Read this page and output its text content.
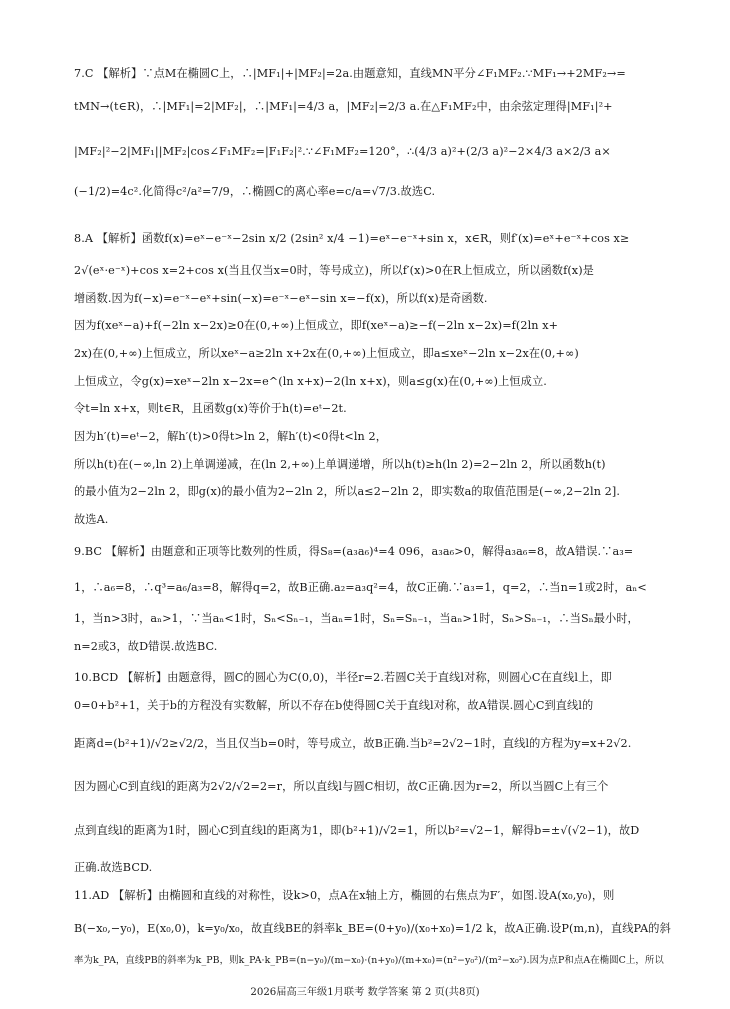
7.C 【解析】∵点M在椭圆C上，∴|MF₁|+|MF₂|=2a.由题意知，直线MN平分∠F₁MF₂.∵MF₁→+2MF₂→=
tMN→(t∈R)，∴|MF₁|=2|MF₂|，∴|MF₁|=4/3 a，|MF₂|=2/3 a.在△F₁MF₂中，由余弦定理得|MF₁|²+
|MF₂|²−2|MF₁||MF₂|cos∠F₁MF₂=|F₁F₂|².∵∠F₁MF₂=120°，∴(4/3 a)²+(2/3 a)²−2×4/3 a×2/3 a×
(−1/2)=4c².化简得c²/a²=7/9，∴椭圆C的离心率e=c/a=√7/3.故选C.
8.A 【解析】函数f(x)=eˣ−e⁻ˣ−2sin x/2 (2sin² x/4 −1)=eˣ−e⁻ˣ+sin x，x∈R，则f′(x)=eˣ+e⁻ˣ+cos x≥
2√(eˣ·e⁻ˣ)+cos x=2+cos x(当且仅当x=0时，等号成立)，所以f′(x)>0在R上恒成立，所以函数f(x)是
增函数.因为f(−x)=e⁻ˣ−eˣ+sin(−x)=e⁻ˣ−eˣ−sin x=−f(x)，所以f(x)是奇函数.
因为f(xeˣ−a)+f(−2ln x−2x)≥0在(0,+∞)上恒成立，即f(xeˣ−a)≥−f(−2ln x−2x)=f(2ln x+
2x)在(0,+∞)上恒成立，所以xeˣ−a≥2ln x+2x在(0,+∞)上恒成立，即a≤xeˣ−2ln x−2x在(0,+∞)
上恒成立，令g(x)=xeˣ−2ln x−2x=e^(ln x+x)−2(ln x+x)，则a≤g(x)在(0,+∞)上恒成立.
令t=ln x+x，则t∈R，且函数g(x)等价于h(t)=eᵗ−2t.
因为h′(t)=eᵗ−2，解h′(t)>0得t>ln 2，解h′(t)<0得t<ln 2，
所以h(t)在(−∞,ln 2)上单调递减，在(ln 2,+∞)上单调递增，所以h(t)≥h(ln 2)=2−2ln 2，所以函数h(t)
的最小值为2−2ln 2，即g(x)的最小值为2−2ln 2，所以a≤2−2ln 2，即实数a的取值范围是(−∞,2−2ln 2].
故选A.
9.BC 【解析】由题意和正项等比数列的性质，得S₈=(a₃a₆)⁴=4 096，a₃a₆>0，解得a₃a₆=8，故A错误.∵a₃=
1，∴a₆=8，∴q³=a₆/a₃=8，解得q=2，故B正确.a₂=a₃q²=4，故C正确.∵a₃=1，q=2，∴当n=1或2时，aₙ<
1，当n>3时，aₙ>1，∵当aₙ<1时，Sₙ<Sₙ₋₁，当aₙ=1时，Sₙ=Sₙ₋₁，当aₙ>1时，Sₙ>Sₙ₋₁，∴当Sₙ最小时，
n=2或3，故D错误.故选BC.
10.BCD 【解析】由题意得，圆C的圆心为C(0,0)，半径r=2.若圆C关于直线l对称，则圆心C在直线l上，即
0=0+b²+1，关于b的方程没有实数解，所以不存在b使得圆C关于直线l对称，故A错误.圆心C到直线l的
距离d=(b²+1)/√2≥√2/2，当且仅当b=0时，等号成立，故B正确.当b²=2√2−1时，直线l的方程为y=x+2√2.
因为圆心C到直线l的距离为2√2/√2=2=r，所以直线l与圆C相切，故C正确.因为r=2，所以当圆C上有三个
点到直线l的距离为1时，圆心C到直线l的距离为1，即(b²+1)/√2=1，所以b²=√2−1，解得b=±√(√2−1)，故D
正确.故选BCD.
11.AD 【解析】由椭圆和直线的对称性，设k>0，点A在x轴上方，椭圆的右焦点为F′，如图.设A(x₀,y₀)，则
B(−x₀,−y₀)，E(x₀,0)，k=y₀/x₀，故直线BE的斜率k_BE=(0+y₀)/(x₀+x₀)=1/2 k，故A正确.设P(m,n)，直线PA的斜
率为k_PA，直线PB的斜率为k_PB，则k_PA·k_PB=(n−y₀)/(m−x₀)·(n+y₀)/(m+x₀)=(n²−y₀²)/(m²−x₀²).因为点P和点A在椭圆C上，所以
2026届高三年级1月联考 数学答案 第 2 页(共8页)
